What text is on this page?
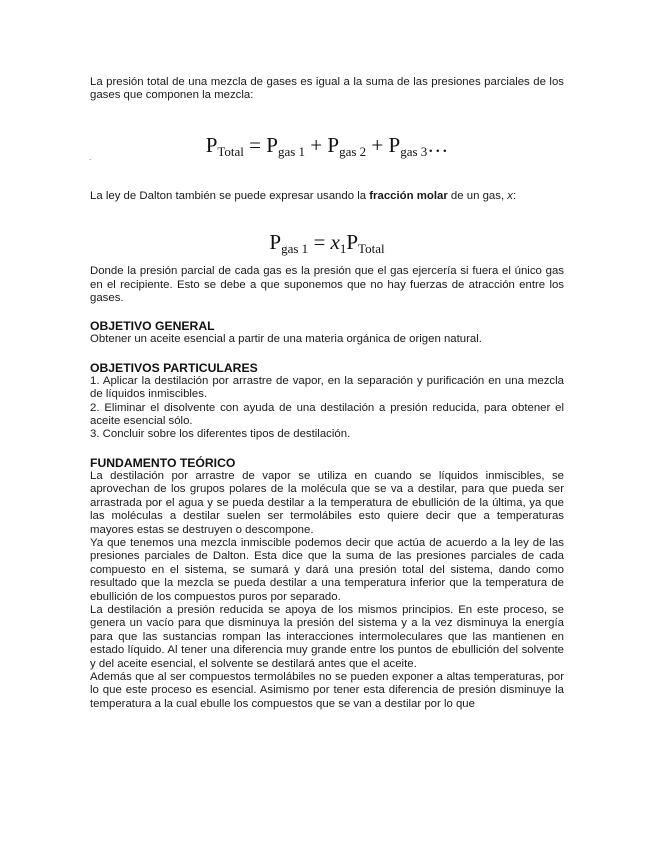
.

La presión total de una mezcla de gases es igual a la suma de las presiones parciales de los gases que componen la mezcla:

$P_{Total} = P_{gas 1} + P_{gas 2}$ + $P_{gas 3}\dots$

La ley de Dalton también se puede expresar usando la fracción molar de un gas, x:

$P_{gas 1} = x_1P_{Total}$

Donde la presión parcial de cada gas es la presión que el gas ejercería si fuera el único gas en el recipiente. Esto se debe a que suponemos que no hay fuerzas de atracción entre los gases.

OBJETIVO GENERAL

Obtener un aceite esencial a partir de una materia orgánica de origen natural.

OBJETIVOS PARTICULARES

1. Aplicar la destilación por arrastre de vapor, en la separación y purificación en una mezcla de líquidos inmiscibles.

2. Eliminar el disolvente con ayuda de una destilación a presión reducida, para obtener el aceite esencial sólo.

3. Concluir sobre los diferentes tipos de destilación.

FUNDAMENTO TEÓRICO

La destilación por arrastre de vapor se utiliza en cuando se líquidos inmiscibles, se aprovechan de los grupos polares de la molécula que se va a destilar, para que pueda ser arrastrada por el agua y se pueda destilar a la temperatura de ebullición de la última, ya que las moléculas a destilar suelen ser termolábiles esto quiere decir que a temperaturas mayores estas se destruyen o descompone.

Ya que tenemos una mezcla inmiscible podemos decir que actúa de acuerdo a la ley de las presiones parciales de Dalton. Esta dice que la suma de las presiones parciales de cada compuesto en el sistema, se sumará y dará una presión total del sistema, dando como resultado que la mezcla se pueda destilar a una temperatura inferior que la temperatura de ebullición de los compuestos puros por separado.

La destilación a presión reducida se apoya de los mismos principios. En este proceso, se genera un vacío para que disminuya la presión del sistema y a la vez disminuya la energía para que las sustancias rompan las interacciones intermoleculares que las mantienen en estado líquido. Al tener una diferencia muy grande entre los puntos de ebullición del solvente y del aceite esencial, el solvente se destilará antes que el aceite.

Además que al ser compuestos termolábiles no se pueden exponer a altas temperaturas, por lo que este proceso es esencial. Asimismo por tener esta diferencia de presión disminuye la temperatura a la cual ebulle los compuestos que se van a destilar por lo que
